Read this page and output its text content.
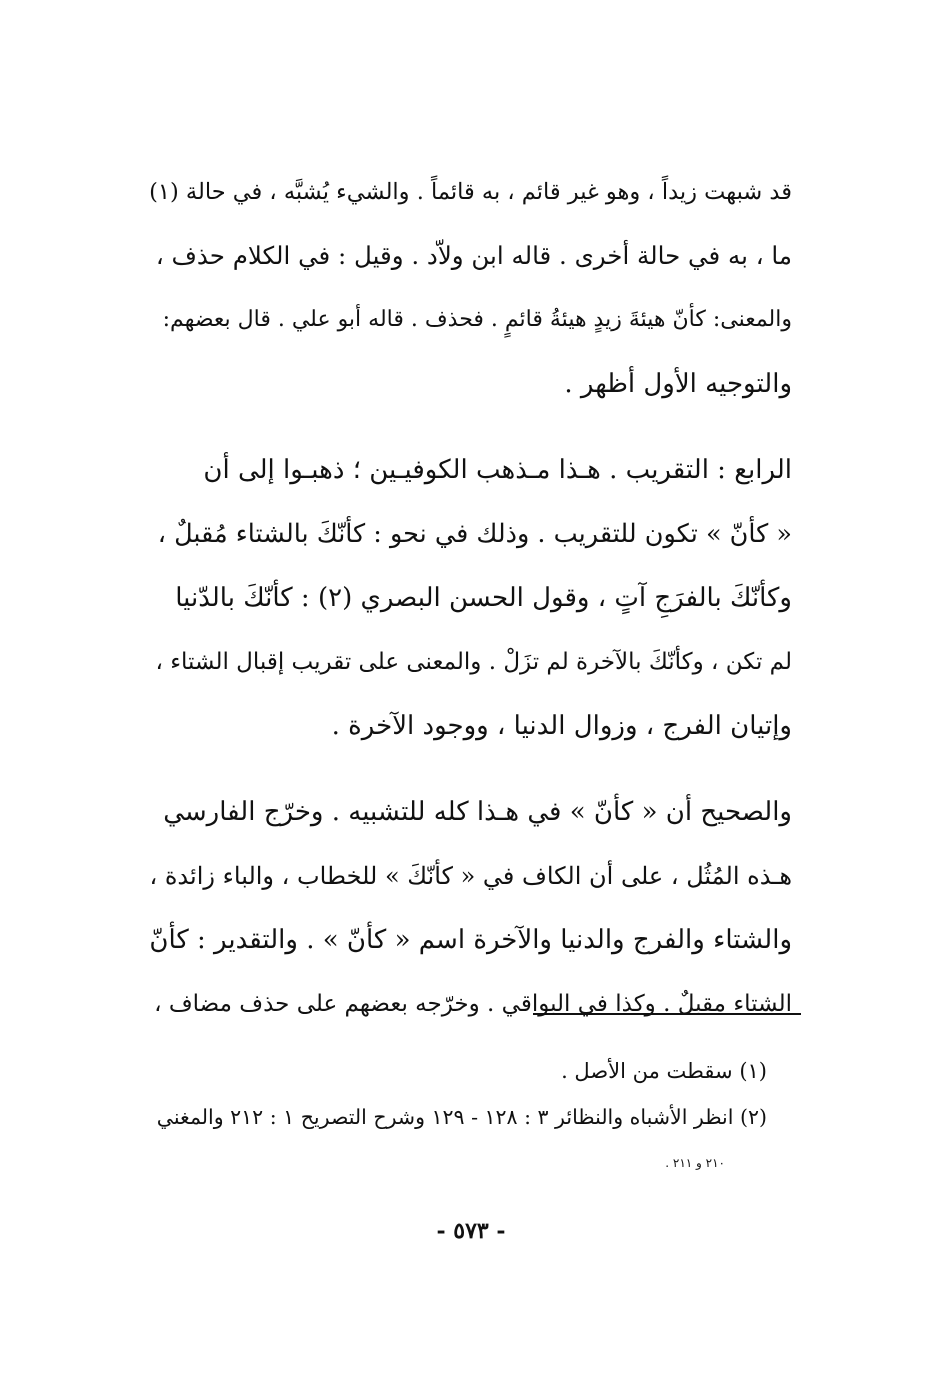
قد شبهت زيداً ، وهو غير قائم ، به قائماً . والشيء يُشبَّه ، في حالة (١)
ما ، به في حالة أخرى . قاله ابن ولاّد . وقيل : في الكلام حذف ،
والمعنى: كأنّ هيئةَ زيدٍ هيئةُ قائمٍ . فحذف . قاله أبو علي . قال بعضهم:
والتوجيه الأول أظهر .
الرابع : التقريب . هـذا مـذهب الكوفيـين ؛ ذهبـوا إلى أن
« كأنّ » تكون للتقريب . وذلك في نحو : كأنّكَ بالشتاء مُقبلٌ ،
وكأنّكَ بالفرَجِ آتٍ ، وقول الحسن البصري (٢) : كأنّكَ بالدّنيا
لم تكن ، وكأنّكَ بالآخرة لم تزَلْ . والمعنى على تقريب إقبال الشتاء ،
وإتيان الفرج ، وزوال الدنيا ، ووجود الآخرة .
والصحيح أن « كأنّ » في هـذا كله للتشبيه . وخرّج الفارسي
هـذه المُثُل ، على أن الكاف في « كأنّكَ » للخطاب ، والباء زائدة ،
والشتاء والفرج والدنيا والآخرة اسم « كأنّ » . والتقدير : كأنّ
الشتاء مقبلٌ . وكذا في البواقي . وخرّجه بعضهم على حذف مضاف ،
(١) سقطت من الأصل .
(٢) انظر الأشباه والنظائر ٣ : ١٢٨ - ١٢٩ وشرح التصريح ١ : ٢١٢ والمغني
٢١٠ و ٢١١ .
- ٥٧٣ -
